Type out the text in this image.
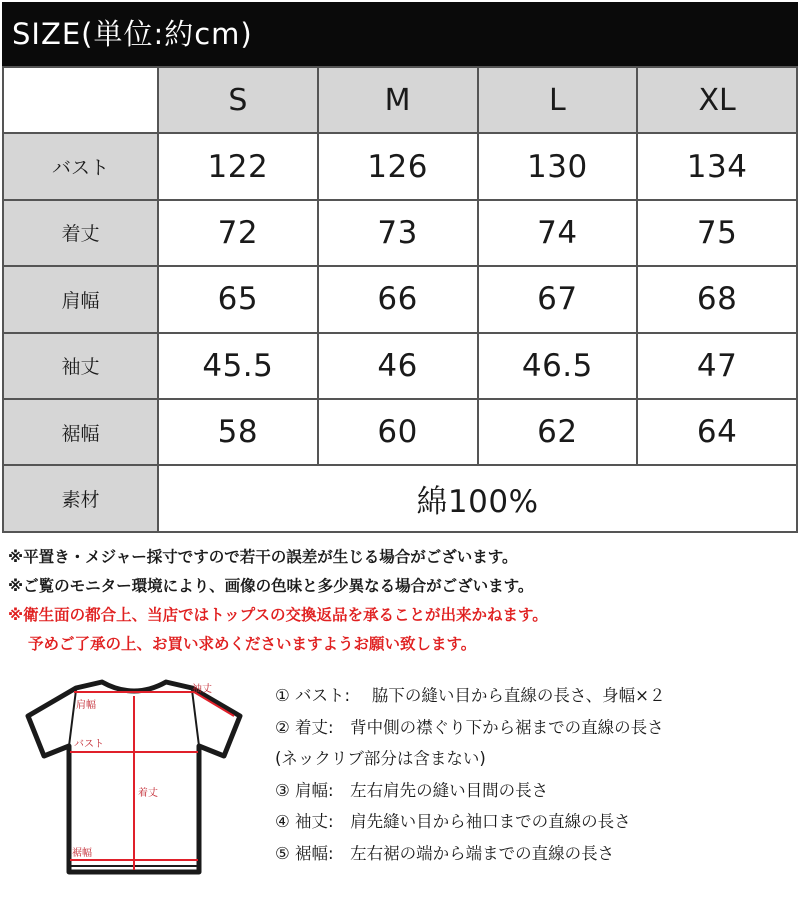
SIZE(単位:約cm)
	S	M	L	XL
バスト	122	126	130	134
着丈	72	73	74	75
肩幅	65	66	67	68
袖丈	45.5	46	46.5	47
裾幅	58	60	62	64
素材	綿100%			
※平置き・メジャー採寸ですので若干の誤差が生じる場合がございます。
※ご覧のモニター環境により、画像の色味と多少異なる場合がございます。
※衛生面の都合上、当店ではトップスの交換返品を承ることが出来かねます。
予めご了承の上、お買い求めくださいますようお願い致します。
肩幅
袖丈
バスト
着丈
裾幅
① バスト:　 脇下の縫い目から直線の長さ、身幅×２
② 着丈:　背中側の襟ぐり下から裾までの直線の長さ
(ネックリブ部分は含まない)
③ 肩幅:　左右肩先の縫い目間の長さ
④ 袖丈:　肩先縫い目から袖口までの直線の長さ
⑤ 裾幅:　左右裾の端から端までの直線の長さ
